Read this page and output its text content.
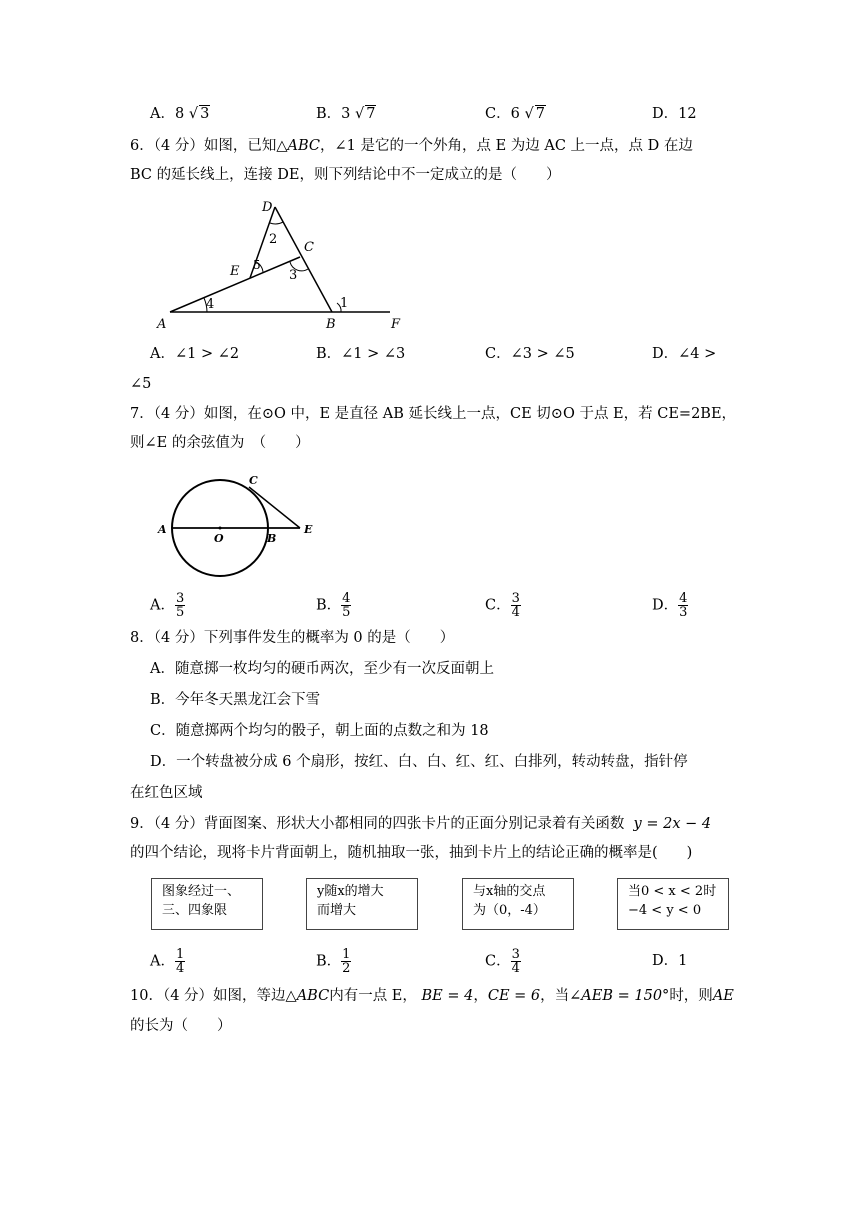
A．8 √ 3	B．3 √ 7	C．6 √ 7	D．12
6．（4 分）如图，已知△ABC，∠1 是它的一个外角，点 E 为边 AC 上一点，点 D 在边
BC 的延长线上，连接 DE，则下列结论中不一定成立的是（　　）
D
2
C
E 5
3
4	1
A	B	F
A．∠1 > ∠2	B．∠1 > ∠3	C．∠3 > ∠5	D．∠4 >
∠5
7．（4 分）如图，在⊙O 中，E 是直径 AB 延长线上一点，CE 切⊙O 于点 E，若 CE=2BE，
则∠E 的余弦值为　（　　）
A
O	B
C
E
A． $\frac{3}{5}$	B． $\frac{4}{5}$	C． $\frac{3}{4}$	D． $\frac{4}{3}$
8．（4 分）下列事件发生的概率为 0 的是（　　）
A．随意掷一枚均匀的硬币两次，至少有一次反面朝上
B．今年冬天黑龙江会下雪
C．随意掷两个均匀的骰子，朝上面的点数之和为 18
D．一个转盘被分成 6 个扇形，按红、白、白、红、红、白排列，转动转盘，指针停
在红色区域
9．（4 分）背面图案、形状大小都相同的四张卡片的正面分别记录着有关函数 y = 2x − 4
的四个结论，现将卡片背面朝上，随机抽取一张，抽到卡片上的结论正确的概率是(　　)
图象经过一、
三、四象限
y随x的增大
而增大
与x轴的交点
为（0，-4）
当0 < x < 2时
−4 < y < 0
A． $\frac{1}{4}$	B． $\frac{1}{2}$	C． $\frac{3}{4}$	D．1
10．（4 分）如图，等边△ABC内有一点 E， BE = 4，CE = 6，当∠AEB = 150°时，则AE
的长为（　　）
